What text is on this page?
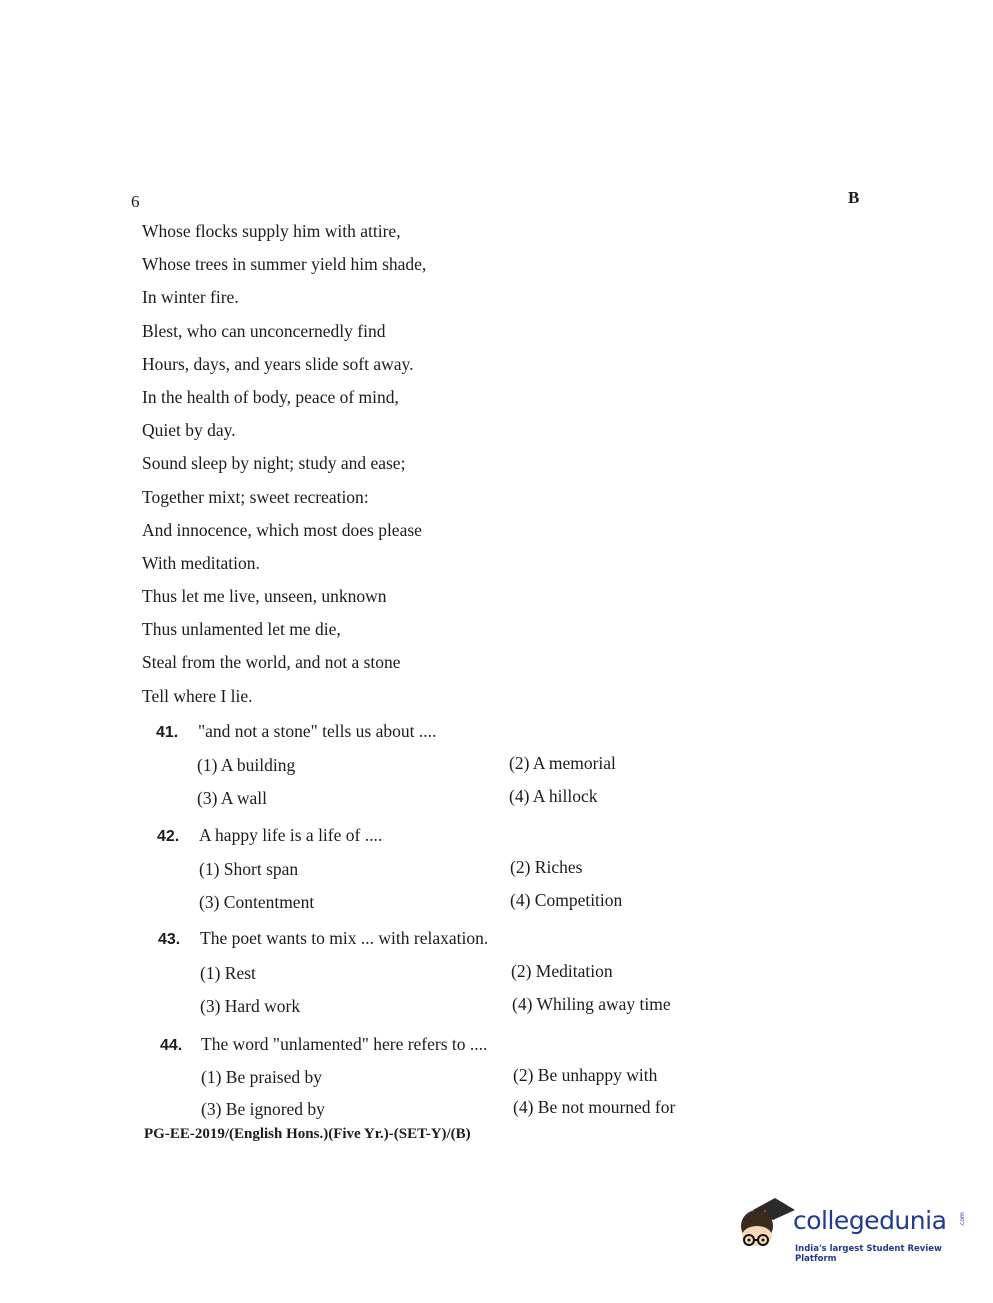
6	B
Whose flocks supply him with attire,
Whose trees in summer yield him shade,
In winter fire.
Blest, who can unconcernedly find
Hours, days, and years slide soft away.
In the health of body, peace of mind,
Quiet by day.
Sound sleep by night; study and ease;
Together mixt; sweet recreation:
And innocence, which most does please
With meditation.
Thus let me live, unseen, unknown
Thus unlamented let me die,
Steal from the world, and not a stone
Tell where I lie.
41. "and not a stone" tells us about ....
(1) A building	(2) A memorial
(3) A wall	(4) A hillock
42. A happy life is a life of ....
(1) Short span	(2) Riches
(3) Contentment	(4) Competition
43. The poet wants to mix ... with relaxation.
(1) Rest	(2) Meditation
(3) Hard work	(4) Whiling away time
44. The word "unlamented" here refers to ....
(1) Be praised by	(2) Be unhappy with
(3) Be ignored by	(4) Be not mourned for
PG-EE-2019/(English Hons.)(Five Yr.)-(SET-Y)/(B)
collegedunia .com
India's largest Student Review Platform
